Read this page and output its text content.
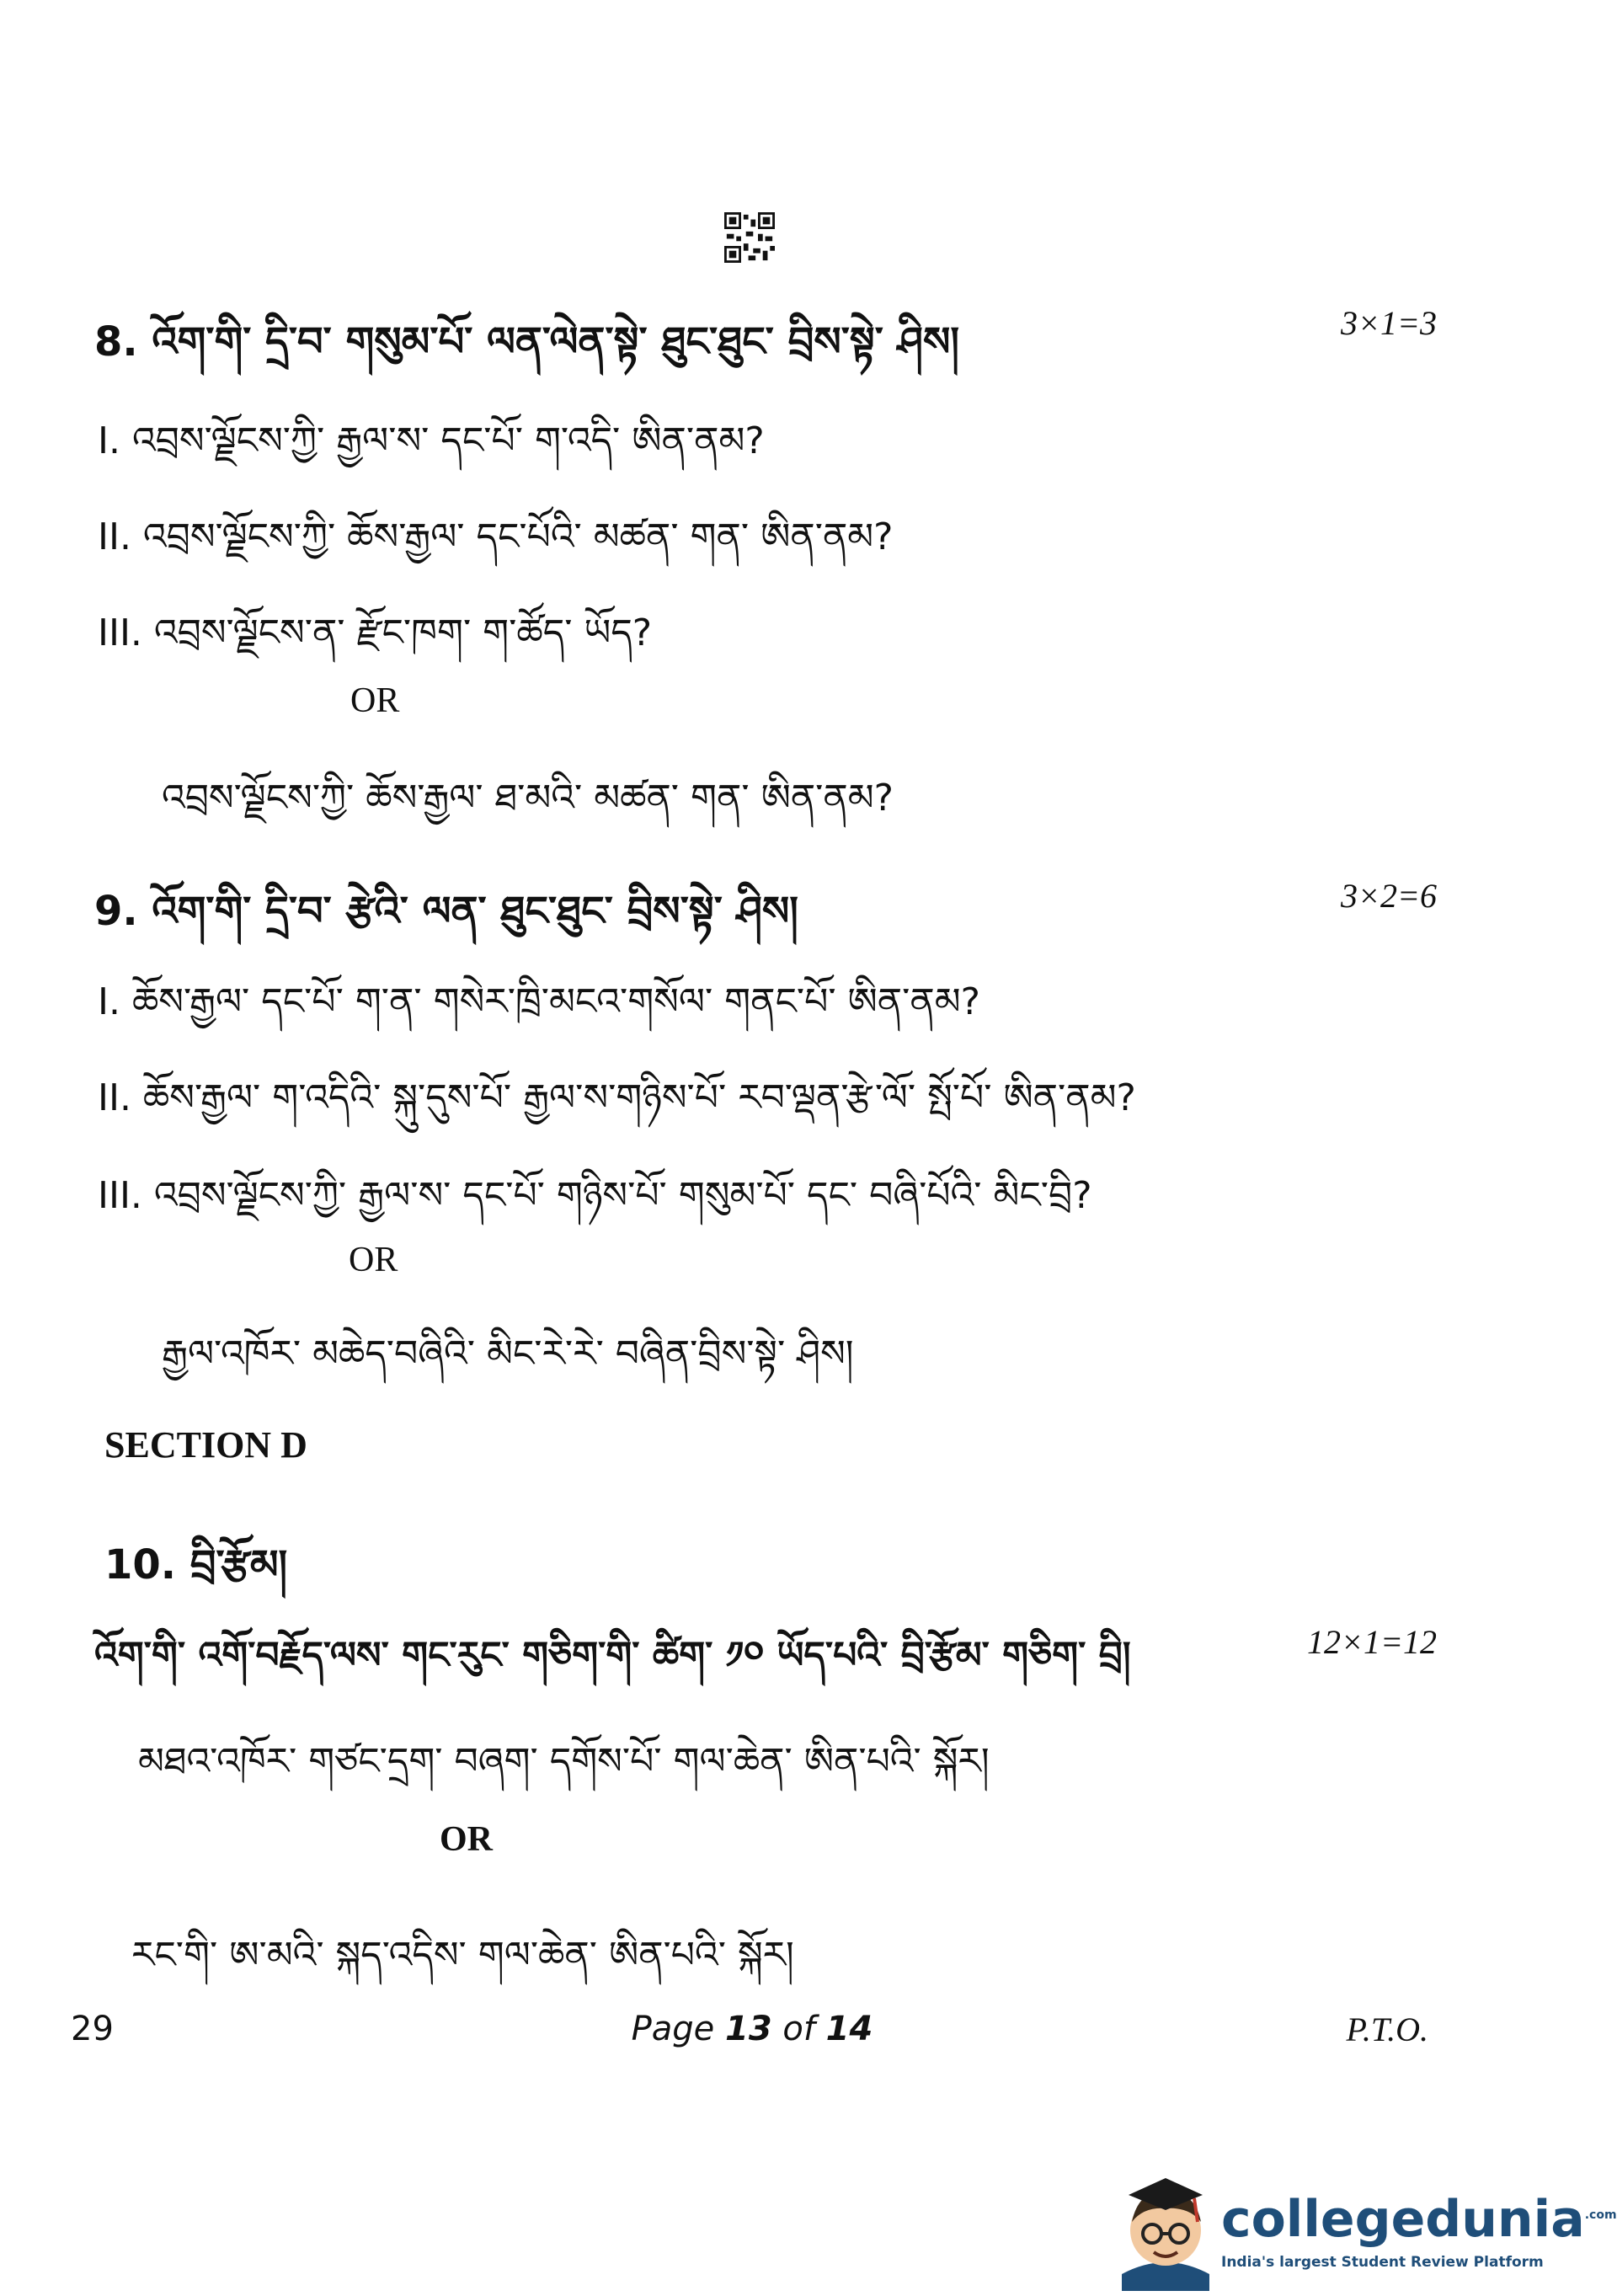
8. འོག་གི་ དྲི་བ་ གསུམ་པོ་ ལན་ལེན་སྟེ་ ཐུང་ཐུང་ བྲིས་སྟེ་ ཤིས།	3×1=3
I. འབྲས་ལྗོངས་ཀྱི་ རྒྱལ་ས་ དང་པོ་ ག་འདི་ ཨིན་ནམ?
II. འབྲས་ལྗོངས་ཀྱི་ ཆོས་རྒྱལ་ དང་པོའི་ མཚན་ གན་ ཨིན་ནམ?
III. འབྲས་ལྗོངས་ན་ རྫོང་ཁག་ ག་ཚོད་ ཡོད?
OR
འབྲས་ལྗོངས་ཀྱི་ ཆོས་རྒྱལ་ ཐ་མའི་ མཚན་ གན་ ཨིན་ནམ?
9. འོག་གི་ དྲི་བ་ རྩེའི་ ལན་ ཐུང་ཐུང་ བྲིས་སྟེ་ ཤིས།	3×2=6
I. ཆོས་རྒྱལ་ དང་པོ་ ག་ན་ གསེར་ཁྲི་མངའ་གསོལ་ གནང་པོ་ ཨིན་ནམ?
II. ཆོས་རྒྱལ་ ག་འདིའི་ སྐུ་དུས་པོ་ རྒྱལ་ས་གཉིས་པོ་ རབ་ལྡན་རྩེ་ལོ་ སྤོ་པོ་ ཨིན་ནམ?
III. འབྲས་ལྗོངས་ཀྱི་ རྒྱལ་ས་ དང་པོ་ གཉིས་པོ་ གསུམ་པོ་ དང་ བཞི་པོའི་ མིང་བྲི?
OR
རྒྱལ་འཁོར་ མཆེད་བཞིའི་ མིང་རེ་རེ་ བཞིན་བྲིས་སྟེ་ ཤིས།
SECTION D
10. བྲི་རྩོམ།
འོག་གི་ འགོ་བརྗོད་ལས་ གང་རུང་ གཅིག་གི་ ཚིག་ ༡༠ ཡོད་པའི་ བྲི་རྩོམ་ གཅིག་ བྲི།	12×1=12
མཐའ་འཁོར་ གཙང་དྲག་ བཞག་ དགོས་པོ་ གལ་ཆེན་ ཨིན་པའི་ སྐོར།
OR
རང་གི་ ཨ་མའི་ སྐད་འདིས་ གལ་ཆེན་ ཨིན་པའི་ སྐོར།
29	Page 13 of 14	P.T.O.
collegedunia$^{.com}$
India's largest Student Review Platform
